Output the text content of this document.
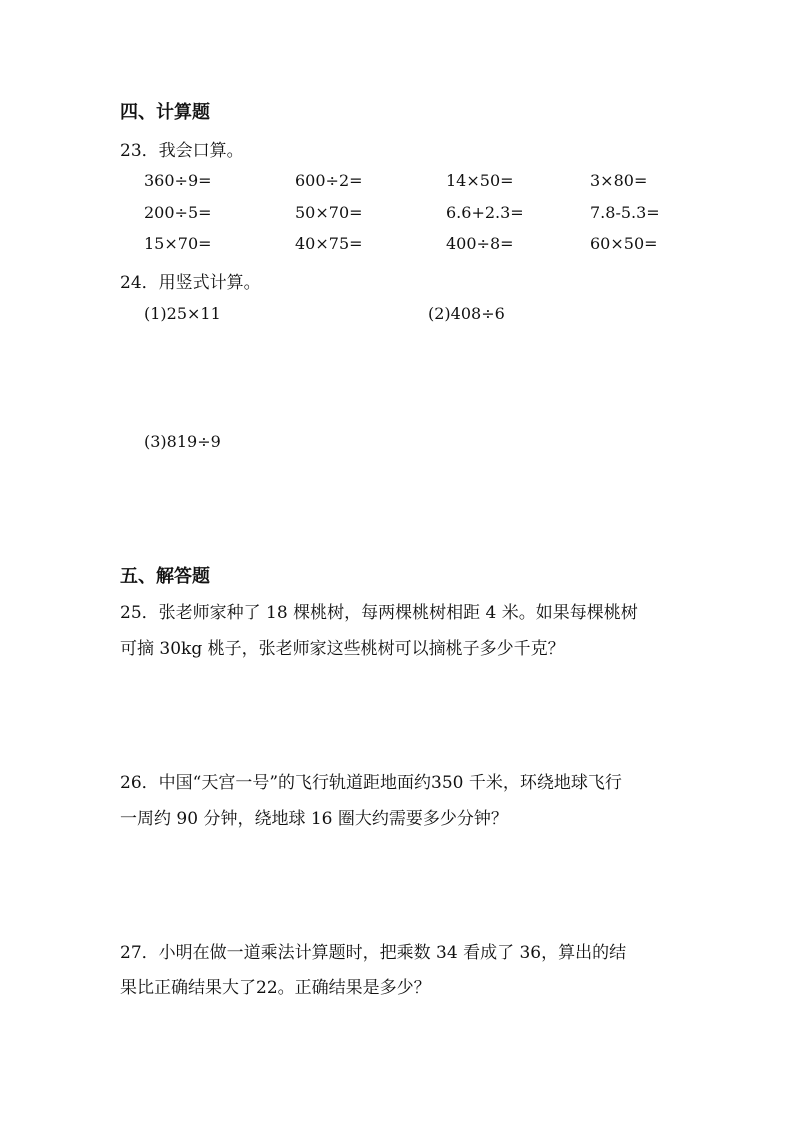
四、计算题
23．我会口算。
360÷9=	600÷2=	14×50=	3×80=
200÷5=	50×70=	6.6+2.3=	7.8-5.3=
15×70=	40×75=	400÷8=	60×50=
24．用竖式计算。
(1)25×11	(2)408÷6
(3)819÷9
五、解答题
25．张老师家种了 18 棵桃树，每两棵桃树相距 4 米。如果每棵桃树
可摘 30kg 桃子，张老师家这些桃树可以摘桃子多少千克？
26．中国“天宫一号”的飞行轨道距地面约350 千米，环绕地球飞行
一周约 90 分钟，绕地球 16 圈大约需要多少分钟？
27．小明在做一道乘法计算题时，把乘数 34 看成了 36，算出的结
果比正确结果大了22。正确结果是多少？
